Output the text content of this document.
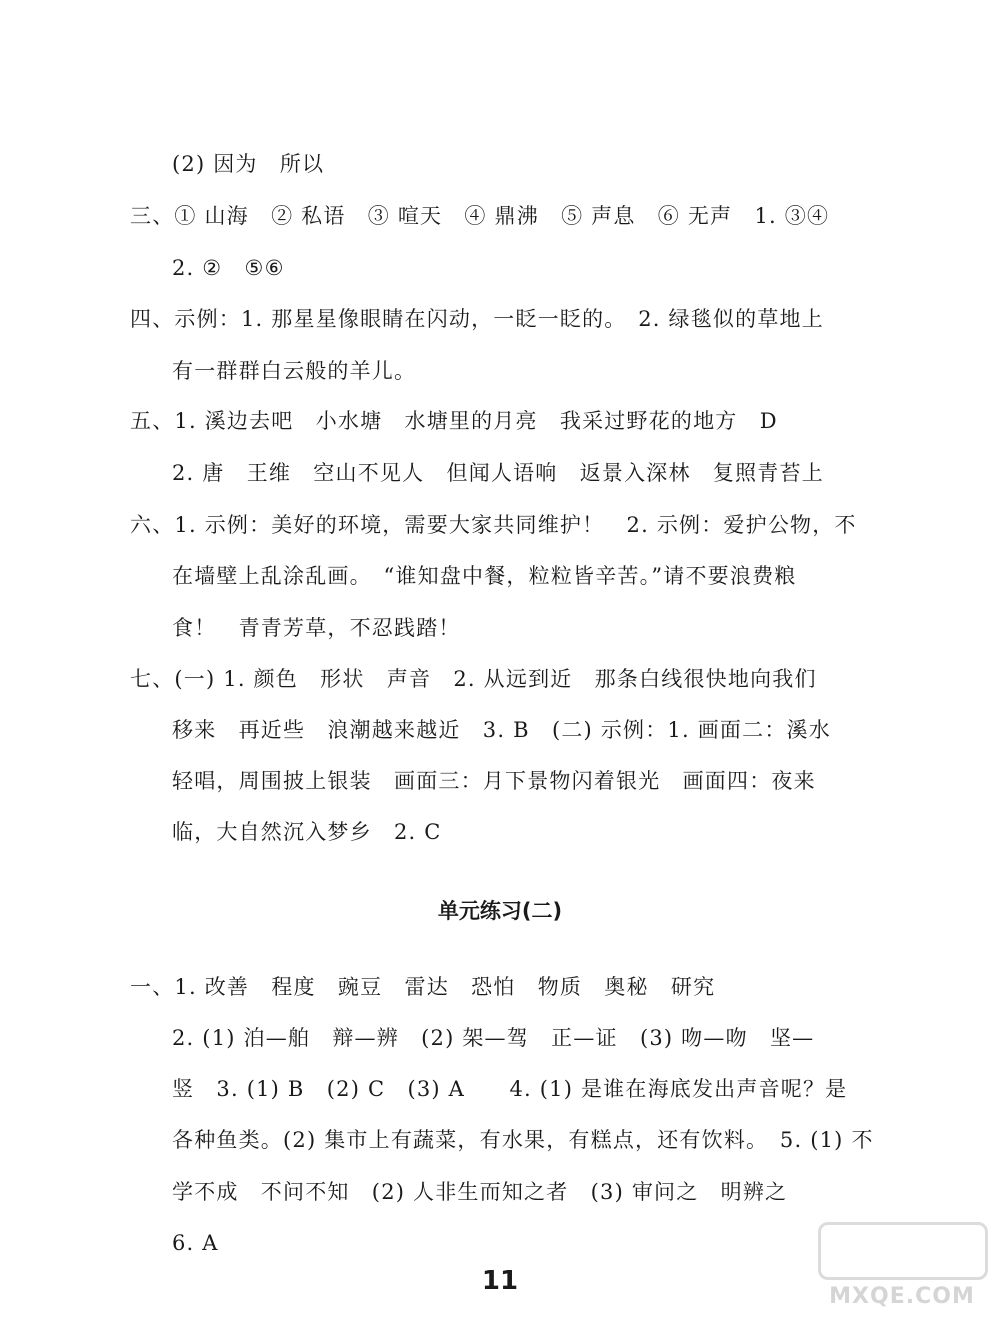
(2) 因为　所以
三、① 山海　② 私语　③ 喧天　④ 鼎沸　⑤ 声息　⑥ 无声　1. ③④
2. ②　⑤⑥
四、示例：1. 那星星像眼睛在闪动，一眨一眨的。　2. 绿毯似的草地上
有一群群白云般的羊儿。
五、1. 溪边去吧　小水塘　水塘里的月亮　我采过野花的地方　D
2. 唐　王维　空山不见人　但闻人语响　返景入深林　复照青苔上
六、1. 示例：美好的环境，需要大家共同维护！　2. 示例：爱护公物，不
在墙壁上乱涂乱画。　“谁知盘中餐，粒粒皆辛苦。”请不要浪费粮
食！　青青芳草，不忍践踏！
七、(一) 1. 颜色　形状　声音　2. 从远到近　那条白线很快地向我们
移来　再近些　浪潮越来越近　3. B　(二) 示例：1. 画面二：溪水
轻唱，周围披上银装　画面三：月下景物闪着银光　画面四：夜来
临，大自然沉入梦乡　2. C
单元练习(二)
一、1. 改善　程度　豌豆　雷达　恐怕　物质　奥秘　研究
2. (1) 泊—舶　辩—辨　(2) 架—驾　正—证　(3) 吻—吻　坚—
竖　3. (1) B　(2) C　(3) A　　4. (1) 是谁在海底发出声音呢？是
各种鱼类。(2) 集市上有蔬菜，有水果，有糕点，还有饮料。　5. (1) 不
学不成　不问不知　(2) 人非生而知之者　(3) 审问之　明辨之
6. A
11
MXQE.COM
